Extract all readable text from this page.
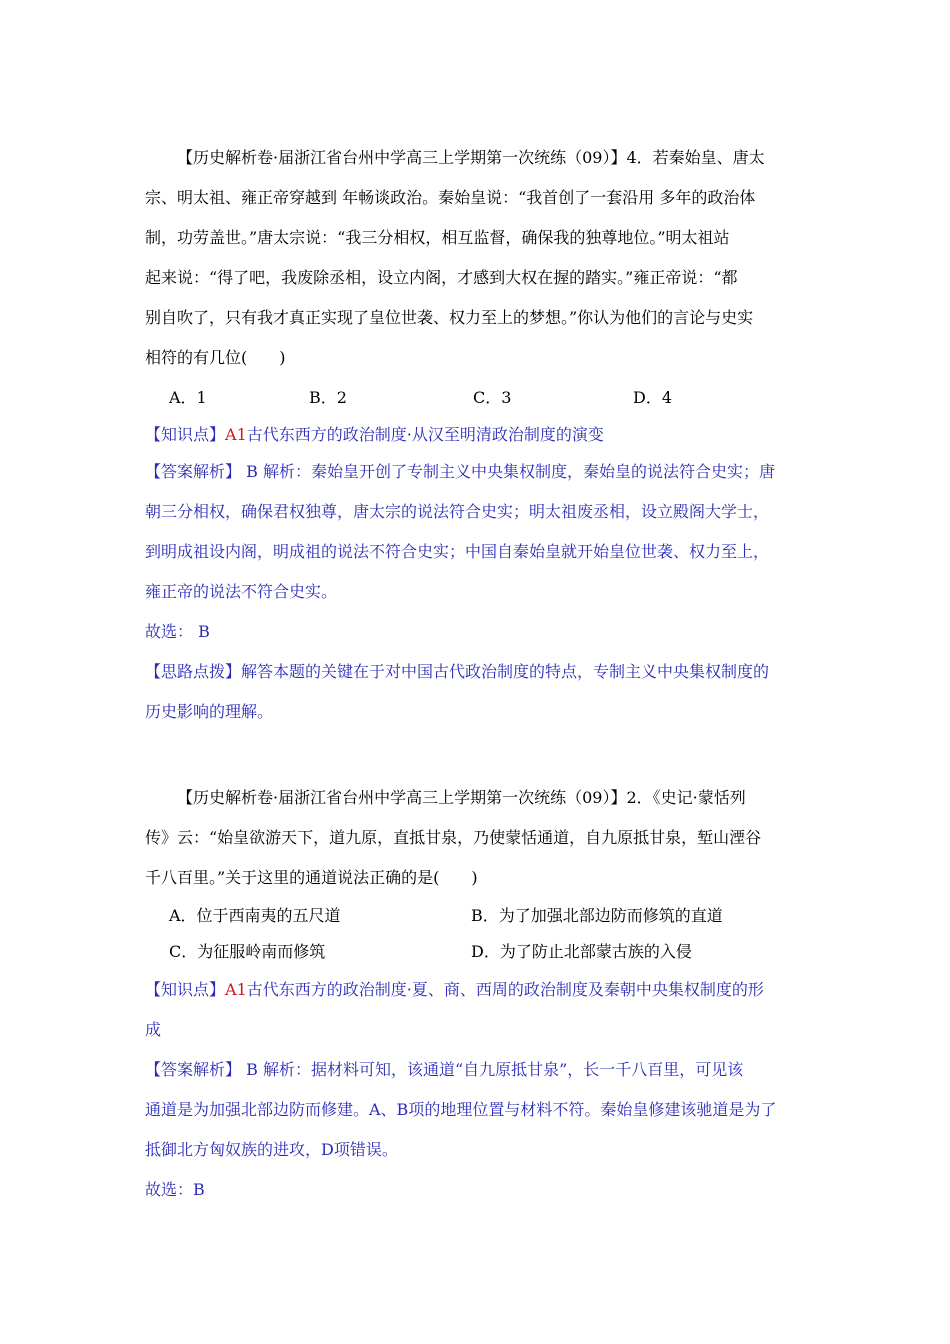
【历史解析卷·届浙江省台州中学高三上学期第一次统练（09）】4．若秦始皇、唐太
宗、明太祖、雍正帝穿越到 年畅谈政治。秦始皇说：“我首创了一套沿用 多年的政治体
制，功劳盖世。”唐太宗说：“我三分相权，相互监督，确保我的独尊地位。”明太祖站
起来说：“得了吧，我废除丞相，设立内阁，才感到大权在握的踏实。”雍正帝说：“都
别自吹了，只有我才真正实现了皇位世袭、权力至上的梦想。”你认为他们的言论与史实
相符的有几位(　　)
A．1	B．2	C．3	D．4
【知识点】A1古代东西方的政治制度·从汉至明清政治制度的演变
【答案解析】 B 解析：秦始皇开创了专制主义中央集权制度，秦始皇的说法符合史实；唐
朝三分相权，确保君权独尊，唐太宗的说法符合史实；明太祖废丞相，设立殿阁大学士，
到明成祖设内阁，明成祖的说法不符合史实；中国自秦始皇就开始皇位世袭、权力至上，
雍正帝的说法不符合史实。
故选： B
【思路点拨】解答本题的关键在于对中国古代政治制度的特点，专制主义中央集权制度的
历史影响的理解。
【历史解析卷·届浙江省台州中学高三上学期第一次统练（09）】2．《史记·蒙恬列
传》云：“始皇欲游天下，道九原，直抵甘泉，乃使蒙恬通道，自九原抵甘泉，堑山湮谷
千八百里。”关于这里的通道说法正确的是(　　)
A．位于西南夷的五尺道	B．为了加强北部边防而修筑的直道
C．为征服岭南而修筑	D．为了防止北部蒙古族的入侵
【知识点】A1古代东西方的政治制度·夏、商、西周的政治制度及秦朝中央集权制度的形
成
【答案解析】 B 解析：据材料可知，该通道“自九原抵甘泉”，长一千八百里，可见该
通道是为加强北部边防而修建。A、B项的地理位置与材料不符。秦始皇修建该驰道是为了
抵御北方匈奴族的进攻，D项错误。
故选：B
